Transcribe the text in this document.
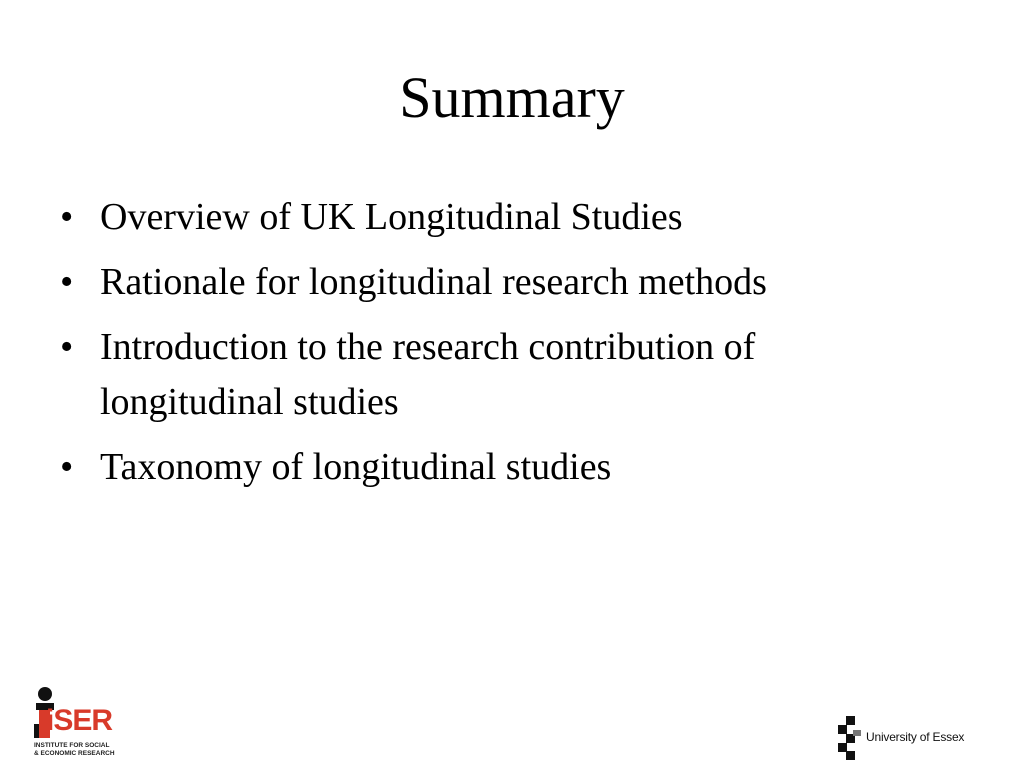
Summary
• Overview of UK Longitudinal Studies
• Rationale for longitudinal research methods
• Introduction to the research contribution of longitudinal studies
• Taxonomy of longitudinal studies
iSER
INSTITUTE FOR SOCIAL
& ECONOMIC RESEARCH
University of Essex
